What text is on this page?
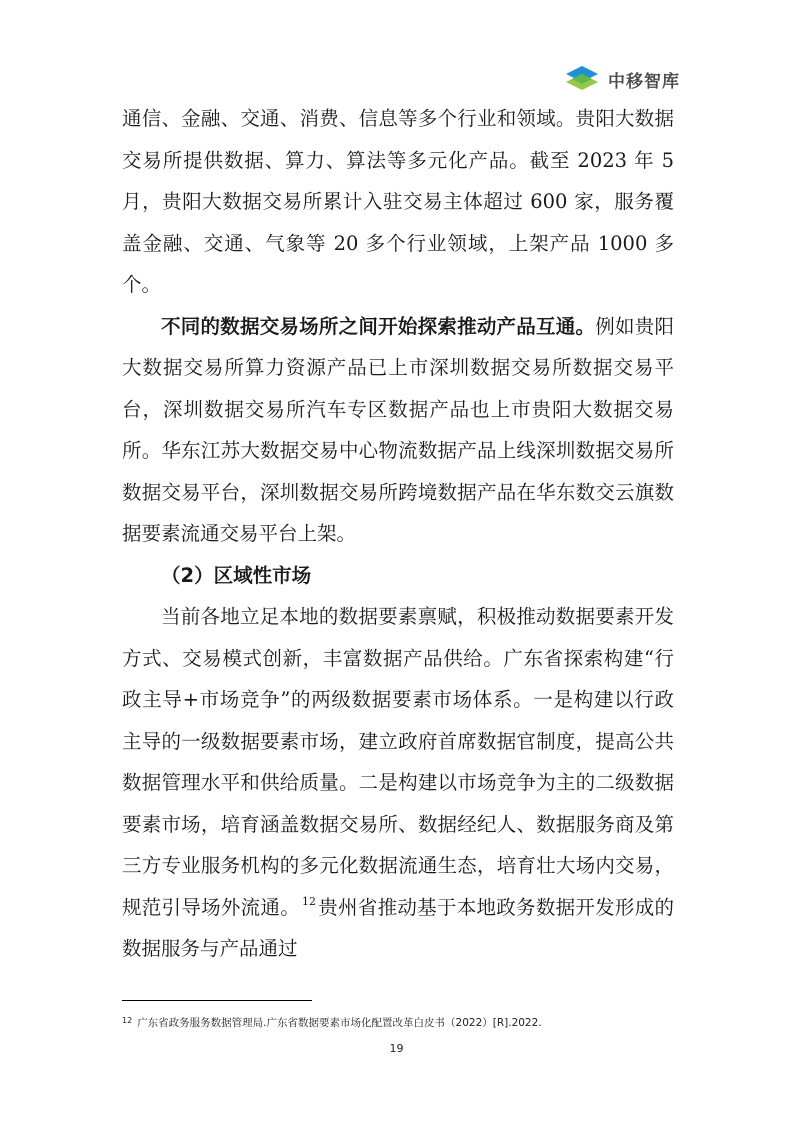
中移智库

通信、金融、交通、消费、信息等多个行业和领域。贵阳大数据交易所提供数据、算力、算法等多元化产品。截至 2023 年 5 月，贵阳大数据交易所累计入驻交易主体超过 600 家，服务覆盖金融、交通、气象等 20 多个行业领域，上架产品 1000 多个。

不同的数据交易场所之间开始探索推动产品互通。例如贵阳大数据交易所算力资源产品已上市深圳数据交易所数据交易平台，深圳数据交易所汽车专区数据产品也上市贵阳大数据交易所。华东江苏大数据交易中心物流数据产品上线深圳数据交易所数据交易平台，深圳数据交易所跨境数据产品在华东数交云旗数据要素流通交易平台上架。

（2）区域性市场

当前各地立足本地的数据要素禀赋，积极推动数据要素开发方式、交易模式创新，丰富数据产品供给。广东省探索构建“行政主导+市场竞争”的两级数据要素市场体系。一是构建以行政主导的一级数据要素市场，建立政府首席数据官制度，提高公共数据管理水平和供给质量。二是构建以市场竞争为主的二级数据要素市场，培育涵盖数据交易所、数据经纪人、数据服务商及第三方专业服务机构的多元化数据流通生态，培育壮大场内交易，规范引导场外流通。 $^{12}$ 贵州省推动基于本地政务数据开发形成的数据服务与产品通过

$^{12}$ 广东省政务服务数据管理局.广东省数据要素市场化配置改革白皮书（2022）[R].2022.
19
